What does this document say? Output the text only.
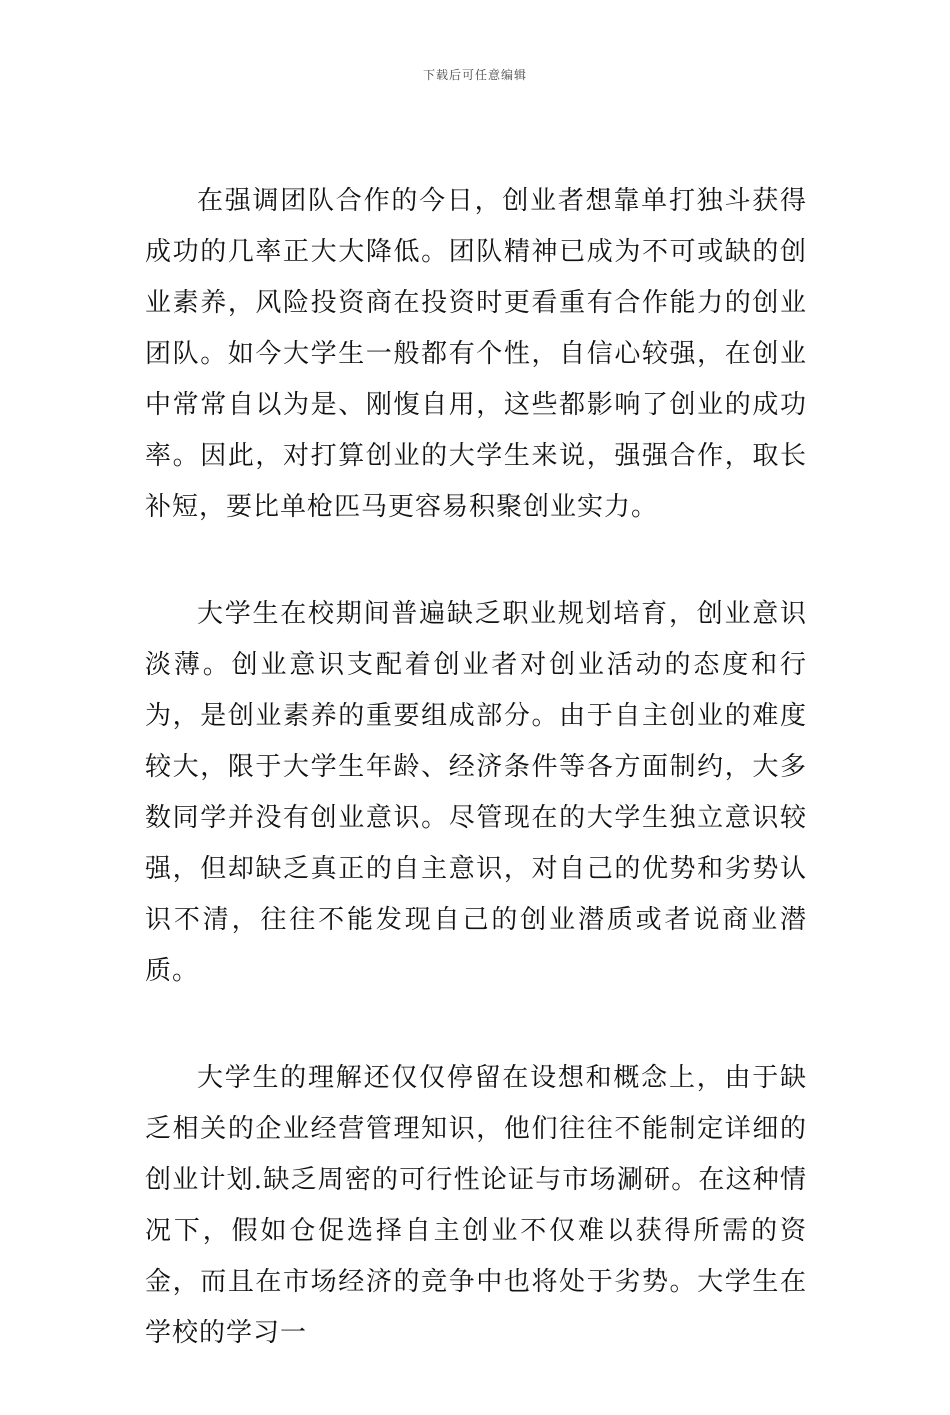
下载后可任意编辑

在强调团队合作的今日，创业者想靠单打独斗获得成功的几率正大大降低。团队精神已成为不可或缺的创业素养，风险投资商在投资时更看重有合作能力的创业团队。如今大学生一般都有个性，自信心较强，在创业中常常自以为是、刚愎自用，这些都影响了创业的成功率。因此，对打算创业的大学生来说，强强合作，取长补短，要比单枪匹马更容易积聚创业实力。

大学生在校期间普遍缺乏职业规划培育，创业意识淡薄。创业意识支配着创业者对创业活动的态度和行为，是创业素养的重要组成部分。由于自主创业的难度较大，限于大学生年龄、经济条件等各方面制约，大多数同学并没有创业意识。尽管现在的大学生独立意识较强，但却缺乏真正的自主意识，对自己的优势和劣势认识不清，往往不能发现自己的创业潜质或者说商业潜质。

大学生的理解还仅仅停留在设想和概念上，由于缺乏相关的企业经营管理知识，他们往往不能制定详细的创业计划.缺乏周密的可行性论证与市场涮研。在这种情况下，假如仓促选择自主创业不仅难以获得所需的资金，而且在市场经济的竞争中也将处于劣势。大学生在学校的学习一
